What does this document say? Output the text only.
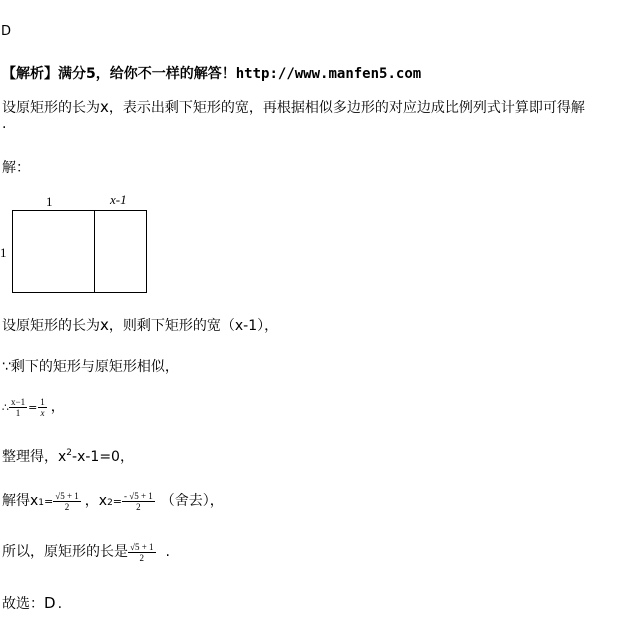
D
【解析】满分5，给你不一样的解答！http://www.manfen5.com
设原矩形的长为x，表示出剩下矩形的宽，再根据相似多边形的对应边成比例列式计算即可得解
.
解：
1	x-1
1
设原矩形的长为x，则剩下矩形的宽（x-1），
∵剩下的矩形与原矩形相似，
∴ $\frac{x-1}{1} = \frac{1}{x}$ ，
整理得，$x^2-x-1=0$，
解得$x1= \frac{√5 + 1}{2}$ ，$x2= \frac{- √5 + 1}{2}$ （舍去），
所以，原矩形的长是 $\frac{√5 + 1}{2}$ .
故选：D .
